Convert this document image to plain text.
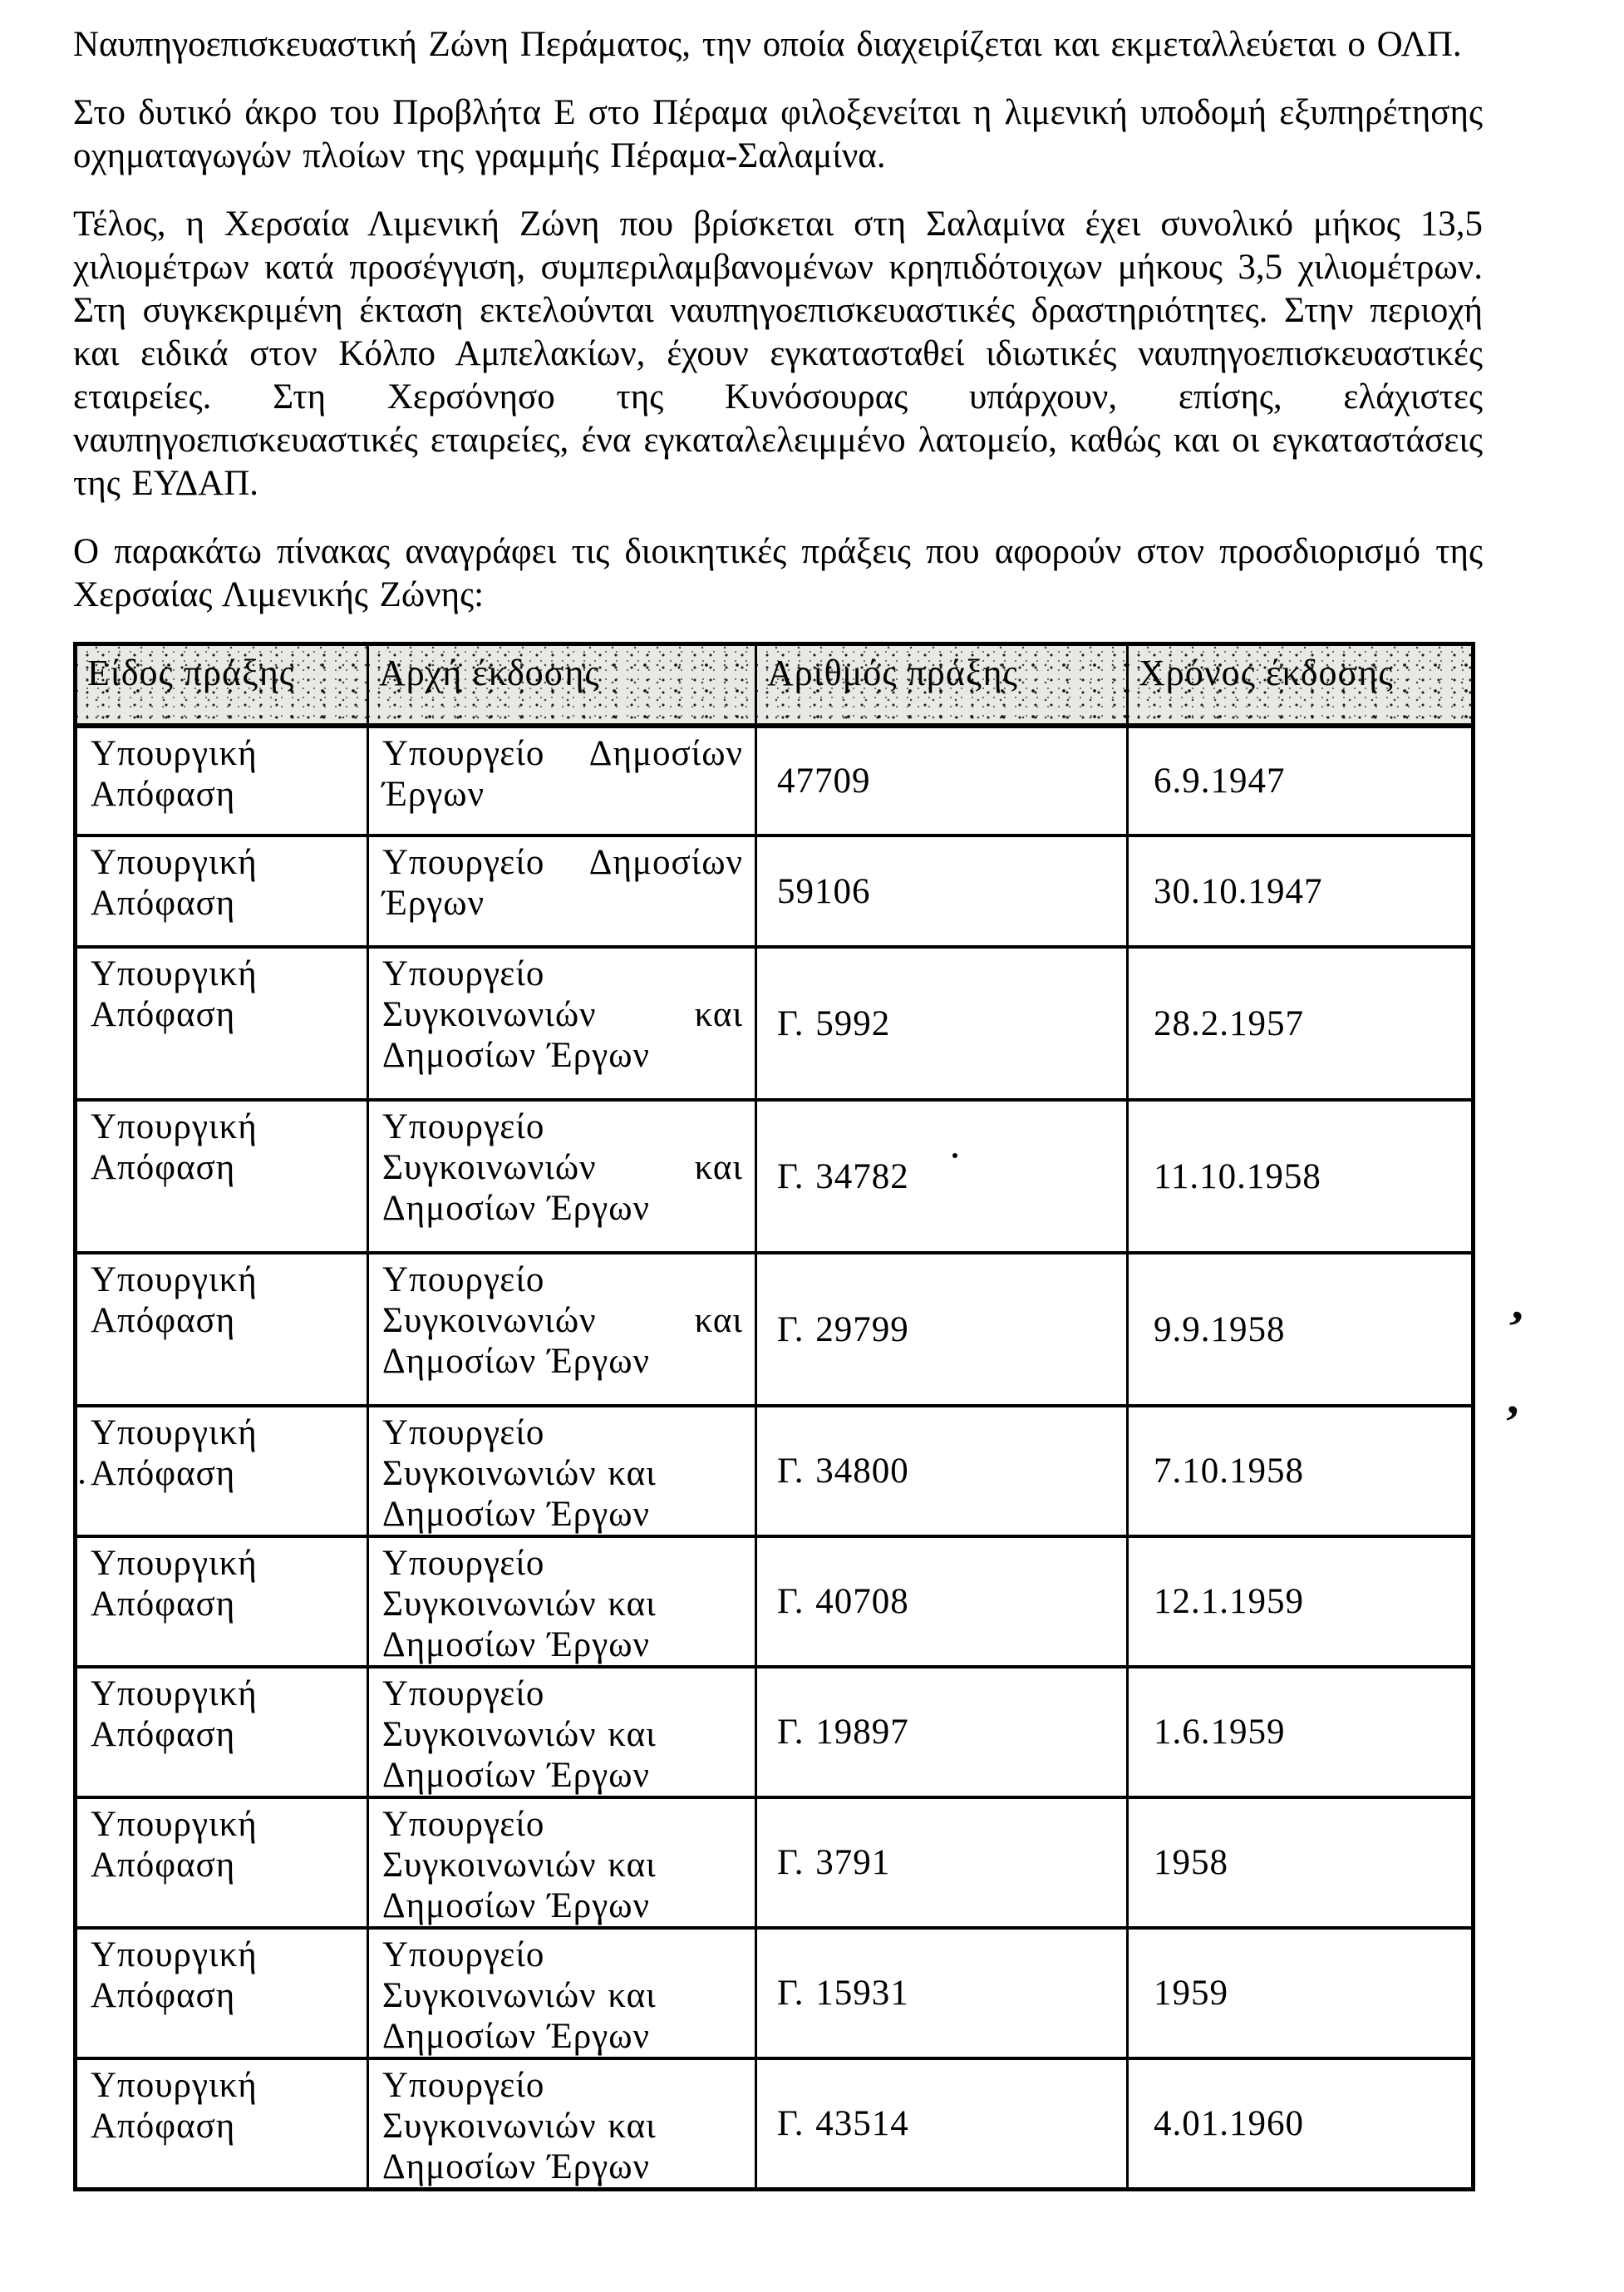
Ναυπηγοεπισκευαστική Ζώνη Περάματος, την οποία διαχειρίζεται και εκμεταλλεύεται ο ΟΛΠ.

Στο δυτικό άκρο του Προβλήτα Ε στο Πέραμα φιλοξενείται η λιμενική υποδομή εξυπηρέτησης οχηματαγωγών πλοίων της γραμμής Πέραμα-Σαλαμίνα.

Τέλος, η Χερσαία Λιμενική Ζώνη που βρίσκεται στη Σαλαμίνα έχει συνολικό μήκος 13,5 χιλιομέτρων κατά προσέγγιση, συμπεριλαμβανομένων κρηπιδότοιχων μήκους 3,5 χιλιομέτρων. Στη συγκεκριμένη έκταση εκτελούνται ναυπηγοεπισκευαστικές δραστηριότητες. Στην περιοχή και ειδικά στον Κόλπο Αμπελακίων, έχουν εγκατασταθεί ιδιωτικές ναυπηγοεπισκευαστικές εταιρείες. Στη Χερσόνησο της Κυνόσουρας υπάρχουν, επίσης, ελάχιστες ναυπηγοεπισκευαστικές εταιρείες, ένα εγκαταλελειμμένο λατομείο, καθώς και οι εγκαταστάσεις της ΕΥΔΑΠ.

Ο παρακάτω πίνακας αναγράφει τις διοικητικές πράξεις που αφορούν στον προσδιορισμό της Χερσαίας Λιμενικής Ζώνης:

Είδος πράξης	Αρχή έκδοσης	Αριθμός πράξης	Χρόνος έκδοσης
Υπουργική Απόφαση	Υπουργείο Δημοσίων Έργων	47709	6.9.1947
Υπουργική Απόφαση	Υπουργείο Δημοσίων Έργων	59106	30.10.1947
Υπουργική Απόφαση	Υπουργείο Συγκοινωνιών και Δημοσίων Έργων	Γ. 5992	28.2.1957
Υπουργική Απόφαση	Υπουργείο Συγκοινωνιών και Δημοσίων Έργων	Γ. 34782	11.10.1958
Υπουργική Απόφαση	Υπουργείο Συγκοινωνιών και Δημοσίων Έργων	Γ. 29799	9.9.1958
Υπουργική Απόφαση	Υπουργείο Συγκοινωνιών και Δημοσίων Έργων	Γ. 34800	7.10.1958
Υπουργική Απόφαση	Υπουργείο Συγκοινωνιών και Δημοσίων Έργων	Γ. 40708	12.1.1959
Υπουργική Απόφαση	Υπουργείο Συγκοινωνιών και Δημοσίων Έργων	Γ. 19897	1.6.1959
Υπουργική Απόφαση	Υπουργείο Συγκοινωνιών και Δημοσίων Έργων	Γ. 3791	1958
Υπουργική Απόφαση	Υπουργείο Συγκοινωνιών και Δημοσίων Έργων	Γ. 15931	1959
Υπουργική Απόφαση	Υπουργείο Συγκοινωνιών και Δημοσίων Έργων	Γ. 43514	4.01.1960
’
,
